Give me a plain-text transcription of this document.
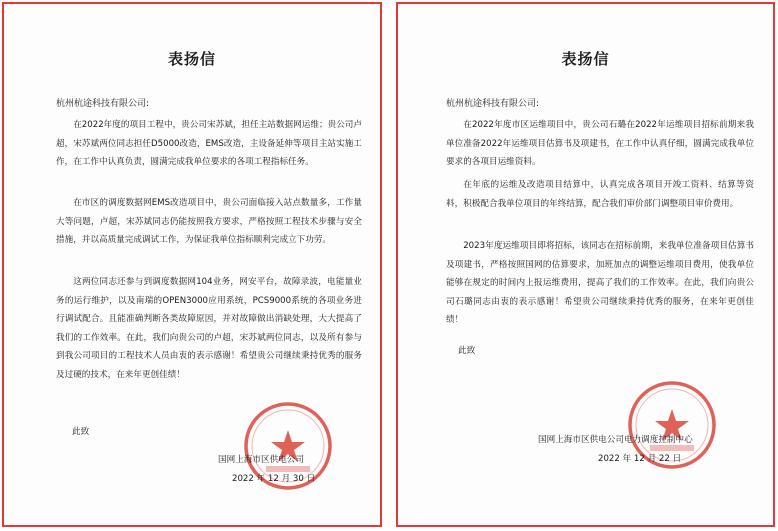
表扬信
杭州杭途科技有限公司:

在2022年度的项目工程中，贵公司宋苏斌，担任主站数据网运维；贵公司卢超，宋苏斌两位同志担任D5000改造，EMS改造，主设备延伸等项目主站实施工作，在工作中认真负责，圆满完成我单位要求的各项工程指标任务。

在市区的调度数据网EMS改造项目中，贵公司面临接入站点数量多，工作量大等问题，卢超，宋苏斌同志仍能按照我方要求，严格按照工程技术步骤与安全措施，并以高质量完成调试工作，为保证我单位指标顺利完成立下功劳。

这两位同志还参与到调度数据网104业务，网安平台，故障录波，电能量业务的运行维护，以及南瑞的OPEN3000应用系统，PCS9000系统的各项业务进行调试配合。且能准确判断各类故障原因，并对故障做出消缺处理，大大提高了我们的工作效率。在此，我们向贵公司的卢超，宋苏斌两位同志，以及所有参与到我公司项目的工程技术人员由衷的表示感谢！希望贵公司继续秉持优秀的服务及过硬的技术，在来年更创佳绩！

此致
国网上海市区供电公司
2022 年 12 月 30 日
表扬信
杭州杭途科技有限公司:

在2022年度市区运维项目中，贵公司石璐在2022年运维项目招标前期来我单位准备2022年运维项目估算书及项建书，在工作中认真仔细，圆满完成我单位要求的各项目运维资料。

在年底的运维及改造项目结算中，认真完成各项目开竣工资料、结算等资料，积极配合我单位项目的年终结算，配合我们审价部门调整项目审价费用。

2023年度运维项目即将招标，该同志在招标前期，来我单位准备项目估算书及项建书，严格按照国网的估算要求，加班加点的调整运维项目费用，使我单位能够在规定的时间内上报运维费用，提高了我们的工作效率。在此，我们向贵公司石璐同志由衷的表示感谢！希望贵公司继续秉持优秀的服务，在来年更创佳绩！

此致
国网上海市区供电公司电力调度控制中心
2022 年 12 月 22 日
